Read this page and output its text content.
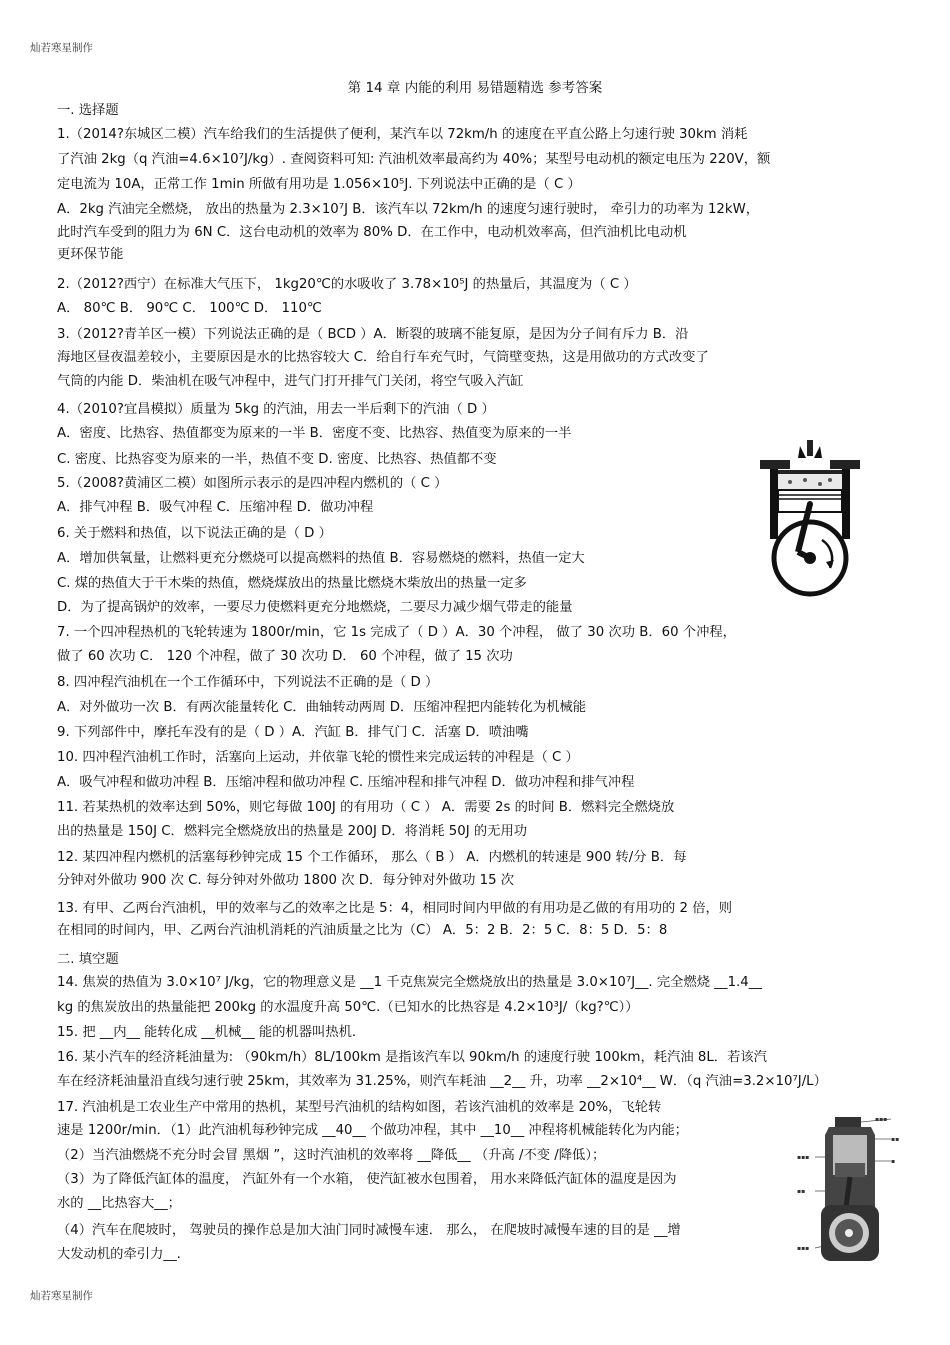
灿若寒星制作
第 14 章 内能的利用 易错题精选 参考答案
一. 选择题
1.（2014?东城区二模）汽车给我们的生活提供了便利，某汽车以 72km/h 的速度在平直公路上匀速行驶 30km 消耗
了汽油 2kg（q 汽油=4.6×10⁷J/kg）. 查阅资料可知: 汽油机效率最高约为 40%；某型号电动机的额定电压为 220V，额
定电流为 10A，正常工作 1min 所做有用功是 1.056×10⁵J. 下列说法中正确的是（ C ）
A．2kg 汽油完全燃烧， 放出的热量为 2.3×10⁷J B．该汽车以 72km/h 的速度匀速行驶时， 牵引力的功率为 12kW，
此时汽车受到的阻力为 6N C．这台电动机的效率为 80% D．在工作中，电动机效率高，但汽油机比电动机
更环保节能
2.（2012?西宁）在标准大气压下， 1kg20℃的水吸收了 3.78×10⁵J 的热量后，其温度为（ C ）
A． 80℃ B． 90℃ C． 100℃ D． 110℃
3.（2012?青羊区一模）下列说法正确的是（ BCD ）A．断裂的玻璃不能复原，是因为分子间有斥力 B．沿
海地区昼夜温差较小，主要原因是水的比热容较大 C．给自行车充气时，气筒壁变热，这是用做功的方式改变了
气筒的内能 D．柴油机在吸气冲程中，进气门打开排气门关闭，将空气吸入汽缸
4.（2010?宜昌模拟）质量为 5kg 的汽油，用去一半后剩下的汽油（ D ）
A．密度、比热容、热值都变为原来的一半 B．密度不变、比热容、热值变为原来的一半
C. 密度、比热容变为原来的一半，热值不变 D. 密度、比热容、热值都不变
5.（2008?黄浦区二模）如图所示表示的是四冲程内燃机的（ C ）
A．排气冲程 B．吸气冲程 C．压缩冲程 D．做功冲程
6. 关于燃料和热值，以下说法正确的是（ D ）
A．增加供氧量，让燃料更充分燃烧可以提高燃料的热值 B．容易燃烧的燃料，热值一定大
C. 煤的热值大于干木柴的热值，燃烧煤放出的热量比燃烧木柴放出的热量一定多
D．为了提高锅炉的效率，一要尽力使燃料更充分地燃烧，二要尽力减少烟气带走的能量
7. 一个四冲程热机的飞轮转速为 1800r/min，它 1s 完成了（ D ）A．30 个冲程， 做了 30 次功 B．60 个冲程，
做了 60 次功 C． 120 个冲程，做了 30 次功 D． 60 个冲程，做了 15 次功
8. 四冲程汽油机在一个工作循环中，下列说法不正确的是（ D ）
A．对外做功一次 B．有两次能量转化 C．曲轴转动两周 D．压缩冲程把内能转化为机械能
9. 下列部件中，摩托车没有的是（ D ）A．汽缸 B．排气门 C．活塞 D．喷油嘴
10. 四冲程汽油机工作时，活塞向上运动，并依靠飞轮的惯性来完成运转的冲程是（ C ）
A．吸气冲程和做功冲程 B．压缩冲程和做功冲程 C. 压缩冲程和排气冲程 D．做功冲程和排气冲程
11. 若某热机的效率达到 50%，则它每做 100J 的有用功（ C ） A．需要 2s 的时间 B．燃料完全燃烧放
出的热量是 150J C．燃料完全燃烧放出的热量是 200J D．将消耗 50J 的无用功
12. 某四冲程内燃机的活塞每秒钟完成 15 个工作循环， 那么（ B ） A．内燃机的转速是 900 转/分 B．每
分钟对外做功 900 次 C. 每分钟对外做功 1800 次 D．每分钟对外做功 15 次
13. 有甲、乙两台汽油机，甲的效率与乙的效率之比是 5：4，相同时间内甲做的有用功是乙做的有用功的 2 倍，则
在相同的时间内，甲、乙两台汽油机消耗的汽油质量之比为（C） A．5：2 B．2：5 C．8：5 D．5：8
二. 填空题
14. 焦炭的热值为 3.0×10⁷ J/kg，它的物理意义是 __1 千克焦炭完全燃烧放出的热量是 3.0×10⁷J__. 完全燃烧 __1.4__
kg 的焦炭放出的热量能把 200kg 的水温度升高 50℃.（已知水的比热容是 4.2×10³J/（kg?℃））
15. 把 __内__ 能转化成 __机械__ 能的机器叫热机.
16. 某小汽车的经济耗油量为: （90km/h）8L/100km 是指该汽车以 90km/h 的速度行驶 100km，耗汽油 8L．若该汽
车在经济耗油量沿直线匀速行驶 25km，其效率为 31.25%，则汽车耗油 __2__ 升，功率 __2×10⁴__ W．（q 汽油=3.2×10⁷J/L）
17. 汽油机是工农业生产中常用的热机，某型号汽油机的结构如图，若该汽油机的效率是 20%，飞轮转
速是 1200r/min．（1）此汽油机每秒钟完成 __40__ 个做功冲程，其中 __10__ 冲程将机械能转化为内能；
（2）当汽油燃烧不充分时会冒 黑烟 ”，这时汽油机的效率将 __降低__ （升高 /不变 /降低）；
（3）为了降低汽缸体的温度， 汽缸外有一个水箱， 使汽缸被水包围着， 用水来降低汽缸体的温度是因为
水的 __比热容大__；
（4）汽车在爬坡时， 驾驶员的操作总是加大油门同时减慢车速． 那么， 在爬坡时减慢车速的目的是 __增
大发动机的牵引力__.
灿若寒星制作
▪▪▪
▪▪▪
▪▪
▪▪▪
▪▪
▪
